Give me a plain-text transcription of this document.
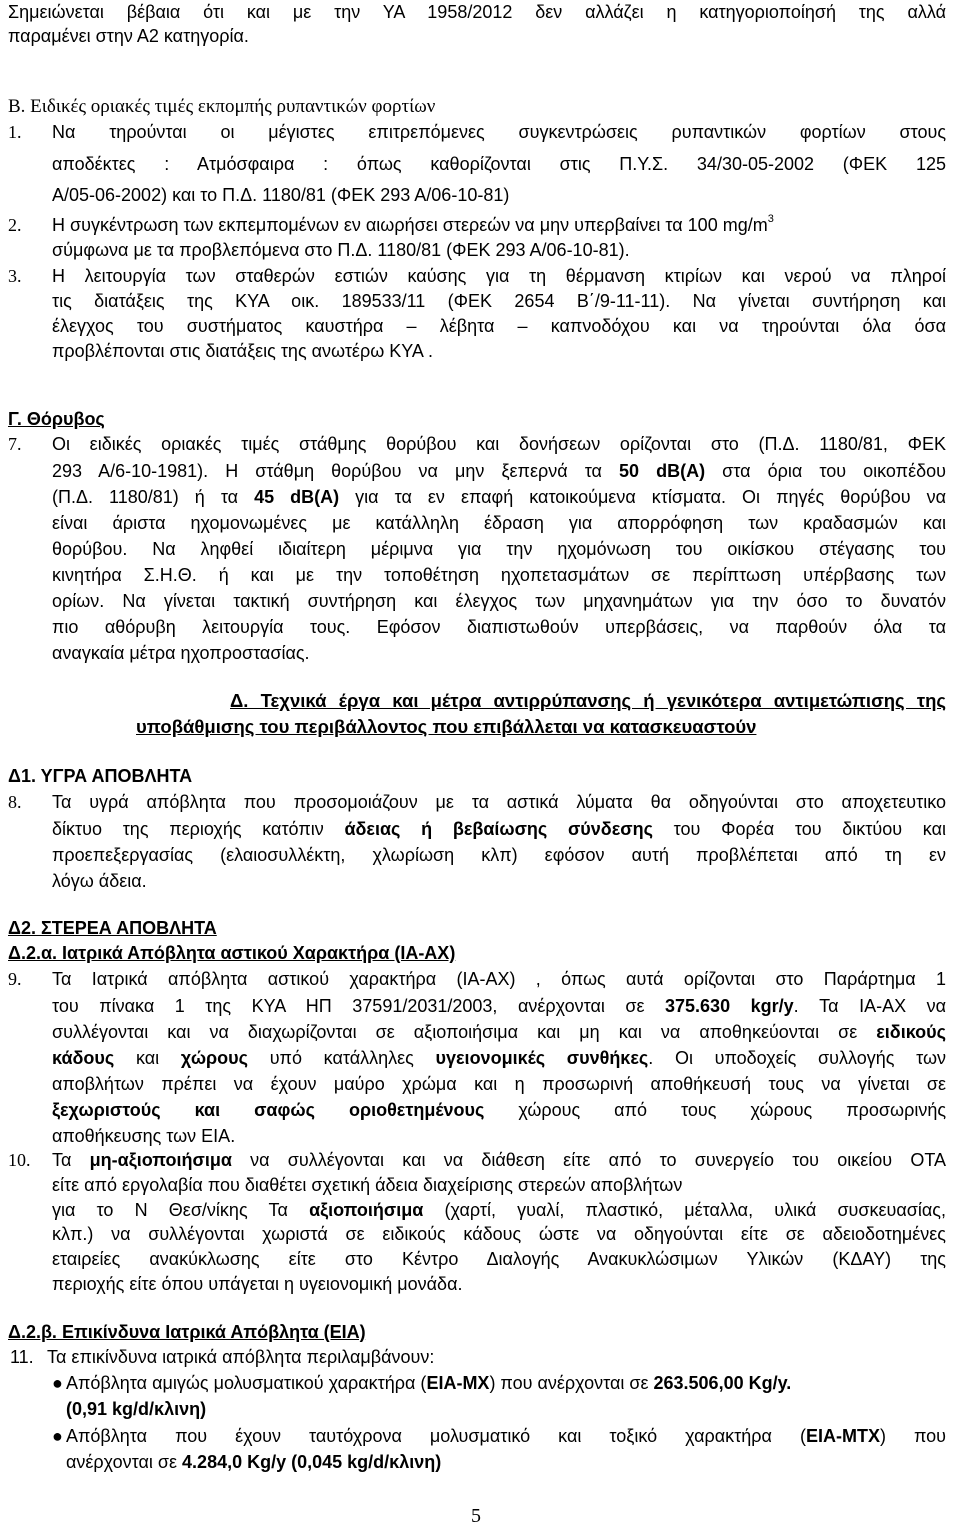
Σημειώνεται βέβαια ότι και με την ΥΑ 1958/2012 δεν αλλάζει η κατηγοριοποίησή της αλλά
παραμένει στην Α2 κατηγορία.
Β. Ειδικές οριακές τιμές εκπομπής ρυπαντικών φορτίων
1. Να τηρούνται οι μέγιστες επιτρεπόμενες συγκεντρώσεις ρυπαντικών φορτίων στους
αποδέκτες : Ατμόσφαιρα : όπως καθορίζονται στις Π.Υ.Σ. 34/30-05-2002 (ΦΕΚ 125
Α/05-06-2002) και το Π.Δ. 1180/81 (ΦΕΚ 293 Α/06-10-81)
2. Η συγκέντρωση των εκπεμπομένων εν αιωρήσει στερεών να μην υπερβαίνει τα 100 $mg/m^3$
σύμφωνα με τα προβλεπόμενα στο Π.Δ. 1180/81 (ΦΕΚ 293 Α/06-10-81).
3. Η λειτουργία των σταθερών εστιών καύσης για τη θέρμανση κτιρίων και νερού να πληροί
τις διατάξεις της ΚΥΑ οικ. 189533/11 (ΦΕΚ 2654 Β΄/9-11-11). Να γίνεται συντήρηση και
έλεγχος του συστήματος καυστήρα – λέβητα – καπνοδόχου και να τηρούνται όλα όσα
προβλέπονται στις διατάξεις της ανωτέρω ΚΥΑ .
Γ. Θόρυβος
7. Οι ειδικές οριακές τιμές στάθμης θορύβου και δονήσεων ορίζονται στο (Π.Δ. 1180/81, ΦΕΚ
293 Α/6-10-1981). Η στάθμη θορύβου να μην ξεπερνά τα 50 dB(A) στα όρια του οικοπέδου
(Π.Δ. 1180/81) ή τα 45 dB(A) για τα εν επαφή κατοικούμενα κτίσματα. Οι πηγές θορύβου να
είναι άριστα ηχομονωμένες με κατάλληλη έδραση για απορρόφηση των κραδασμών και
θορύβου. Να ληφθεί ιδιαίτερη μέριμνα για την ηχομόνωση του οικίσκου στέγασης του
κινητήρα Σ.Η.Θ. ή και με την τοποθέτηση ηχοπετασμάτων σε περίπτωση υπέρβασης των
ορίων. Να γίνεται τακτική συντήρηση και έλεγχος των μηχανημάτων για την όσο το δυνατόν
πιο αθόρυβη λειτουργία τους. Εφόσον διαπιστωθούν υπερβάσεις, να παρθούν όλα τα
αναγκαία μέτρα ηχοπροστασίας.
Δ. Τεχνικά έργα και μέτρα αντιρρύπανσης ή γενικότερα αντιμετώπισης της
υποβάθμισης του περιβάλλοντος που επιβάλλεται να κατασκευαστούν
Δ1. ΥΓΡΑ ΑΠΟΒΛΗΤΑ
8. Τα υγρά απόβλητα που προσομοιάζουν με τα αστικά λύματα θα οδηγούνται στο αποχετευτικο
δίκτυο της περιοχής κατόπιν άδειας ή βεβαίωσης σύνδεσης του Φορέα του δικτύου και
προεπεξεργασίας (ελαιοσυλλέκτη, χλωρίωση κλπ) εφόσον αυτή προβλέπεται από τη εν
λόγω άδεια.
Δ2. ΣΤΕΡΕΑ ΑΠΟΒΛΗΤΑ
Δ.2.α. Ιατρικά Απόβλητα αστικού Χαρακτήρα (ΙΑ-ΑΧ)
9. Τα Ιατρικά απόβλητα αστικού χαρακτήρα (ΙΑ-ΑΧ) , όπως αυτά ορίζονται στο Παράρτημα 1
του πίνακα 1 της ΚΥΑ ΗΠ 37591/2031/2003, ανέρχονται σε 375.630 kgr/y. Τα ΙΑ-ΑΧ να
συλλέγονται και να διαχωρίζονται σε αξιοποιήσιμα και μη και να αποθηκεύονται σε ειδικούς
κάδους και χώρους υπό κατάλληλες υγειονομικές συνθήκες. Οι υποδοχείς συλλογής των
αποβλήτων πρέπει να έχουν μαύρο χρώμα και η προσωρινή αποθήκευσή τους να γίνεται σε
ξεχωριστούς και σαφώς οριοθετημένους χώρους από τους χώρους προσωρινής
αποθήκευσης των ΕΙΑ.
10. Τα μη-αξιοποιήσιμα να συλλέγονται και να διάθεση είτε από το συνεργείο του οικείου ΟΤΑ
είτε από εργολαβία που διαθέτει σχετική άδεια διαχείρισης στερεών αποβλήτων
για το Ν Θεσ/νίκης Τα αξιοποιήσιμα (χαρτί, γυαλί, πλαστικό, μέταλλα, υλικά συσκευασίας,
κλπ.) να συλλέγονται χωριστά σε ειδικούς κάδους ώστε να οδηγούνται είτε σε αδειοδοτημένες
εταιρείες ανακύκλωσης είτε στο Κέντρο Διαλογής Ανακυκλώσιμων Υλικών (ΚΔΑΥ) της
περιοχής είτε όπου υπάγεται η υγειονομική μονάδα.
Δ.2.β. Επικίνδυνα Ιατρικά Απόβλητα (ΕΙΑ)
11. Τα επικίνδυνα ιατρικά απόβλητα περιλαμβάνουν:
● Απόβλητα αμιγώς μολυσματικού χαρακτήρα (ΕΙΑ-ΜΧ) που ανέρχονται σε 263.506,00 Kg/y.
(0,91 kg/d/κλινη)
● Απόβλητα που έχουν ταυτόχρονα μολυσματικό και τοξικό χαρακτήρα (ΕΙΑ-ΜΤΧ) που
ανέρχονται σε 4.284,0 Kg/y (0,045 kg/d/κλινη)
5
